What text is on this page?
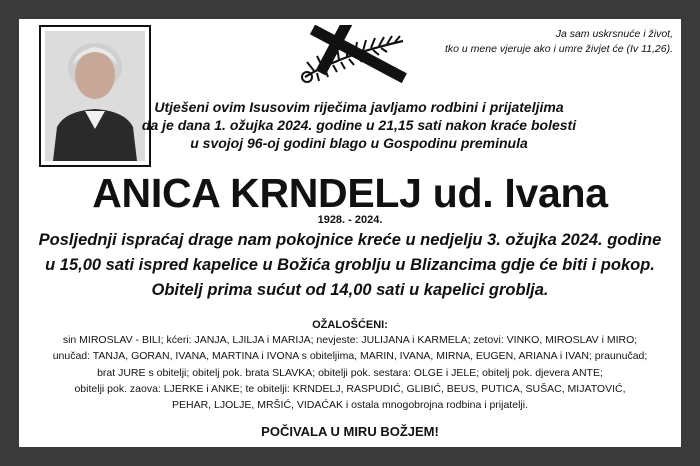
Ja sam uskrsnuće i život,
tko u mene vjeruje ako i umre živjet će (Iv 11,26).
Utješeni ovim Isusovim riječima javljamo rodbini i prijateljima
da je dana 1. ožujka 2024. godine u 21,15 sati nakon kraće bolesti
u svojoj 96-oj godini blago u Gospodinu preminula
ANICA KRNDELJ ud. Ivana
1928. - 2024.
Posljednji ispraćaj drage nam pokojnice kreće u nedjelju 3. ožujka 2024. godine
u 15,00 sati ispred kapelice u Božića groblju u Blizancima gdje će biti i pokop.
Obitelj prima sućut od 14,00 sati u kapelici groblja.
OŽALOŠĆENI:
sin MIROSLAV - BILI; kćeri: JANJA, LJILJA i MARIJA; nevjeste: JULIJANA i KARMELA; zetovi: VINKO, MIROSLAV i MIRO;
unučad: TANJA, GORAN, IVANA, MARTINA i IVONA s obiteljima, MARIN, IVANA, MIRNA, EUGEN, ARIANA i IVAN; praunučad;
brat JURE s obitelji; obitelj pok. brata SLAVKA; obitelji pok. sestara: OLGE i JELE; obitelj pok. djevera ANTE;
obitelji pok. zaova: LJERKE i ANKE; te obitelji: KRNDELJ, RASPUDIĆ, GLIBIĆ, BEUS, PUTICA, SUŠAC, MIJATOVIĆ,
PEHAR, LJOLJE, MRŠIĆ, VIDAĆAK i ostala mnogobrojna rodbina i prijatelji.
POČIVALA U MIRU BOŽJEM!
